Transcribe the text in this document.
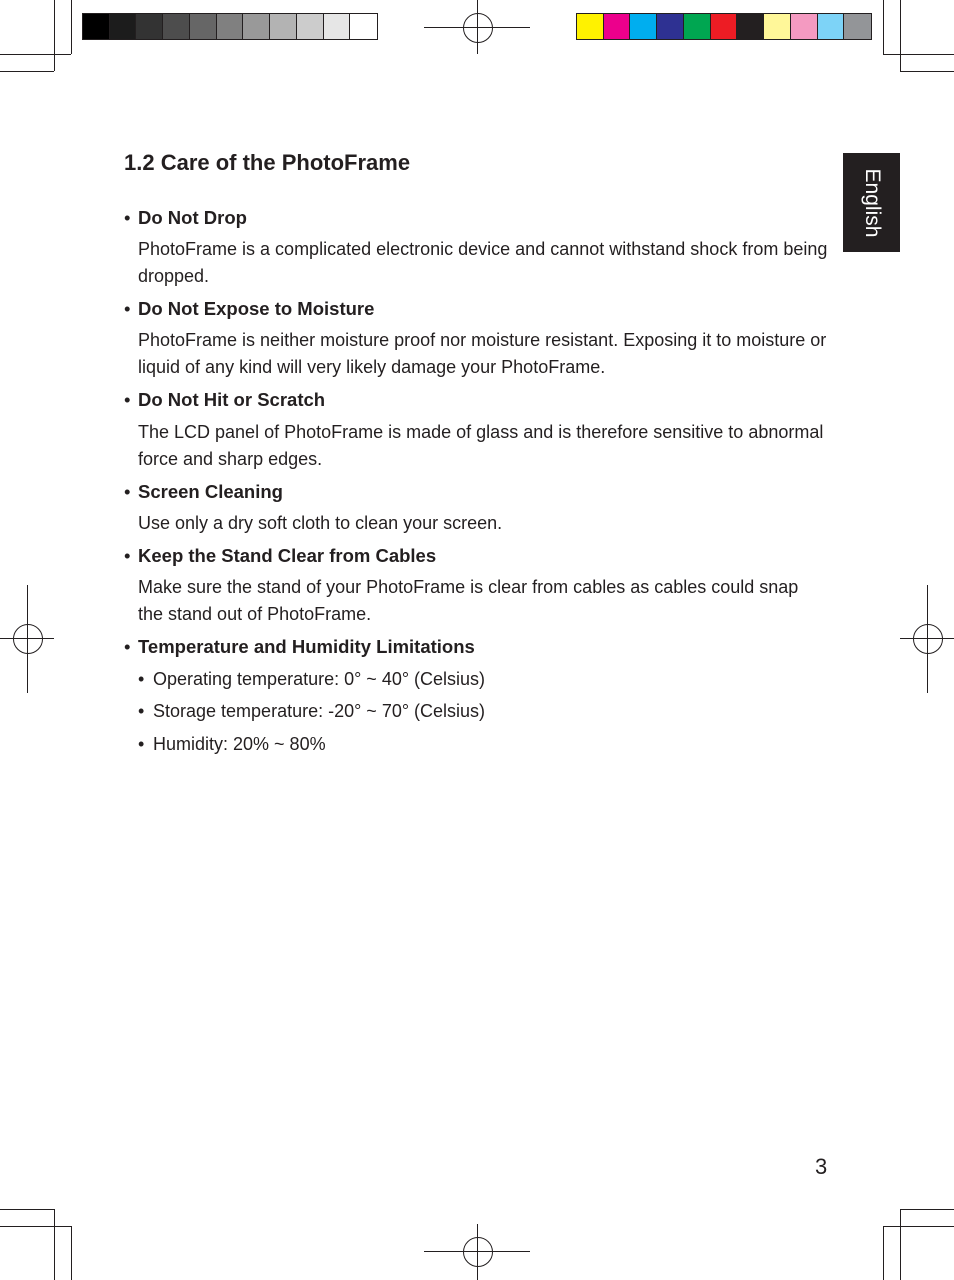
English
1.2 Care of the PhotoFrame
• Do Not Drop

PhotoFrame is a complicated electronic device and cannot withstand shock from being dropped.

• Do Not Expose to Moisture

PhotoFrame is neither moisture proof nor moisture resistant. Exposing it to moisture or liquid of any kind will very likely damage your PhotoFrame.

• Do Not Hit or Scratch

The LCD panel of PhotoFrame is made of glass and is therefore sensitive to abnormal force and sharp edges.

• Screen Cleaning

Use only a dry soft cloth to clean your screen.

• Keep the Stand Clear from Cables

Make sure the stand of your PhotoFrame is clear from cables as cables could snap the stand out of PhotoFrame.

• Temperature and Humidity Limitations
• Operating temperature: 0° ~ 40° (Celsius)
• Storage temperature: -20° ~ 70° (Celsius)
• Humidity: 20% ~ 80%
3
